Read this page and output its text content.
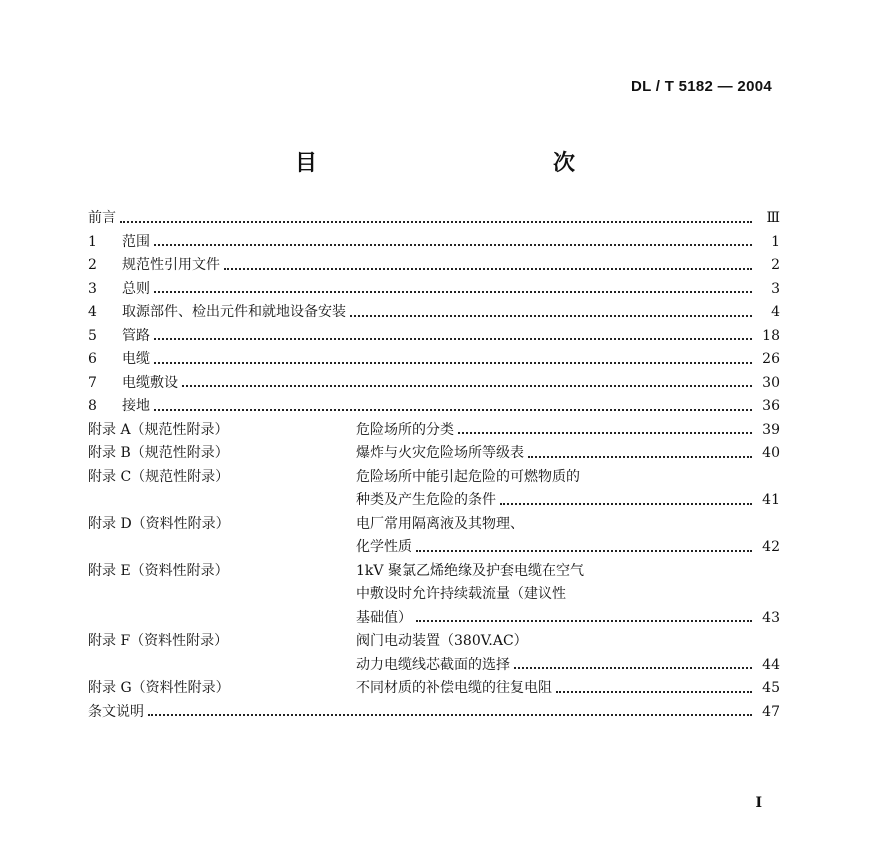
DL / T 5182 — 2004
目　　次
前言	Ⅲ
1	范围	1
2	规范性引用文件	2
3	总则	3
4	取源部件、检出元件和就地设备安装	4
5	管路	18
6	电缆	26
7	电缆敷设	30
8	接地	36
附录 A（规范性附录）	危险场所的分类	39
附录 B（规范性附录）	爆炸与火灾危险场所等级表	40
附录 C（规范性附录）	危险场所中能引起危险的可燃物质的
种类及产生危险的条件	41
附录 D（资料性附录）	电厂常用隔离液及其物理、
化学性质	42
附录 E（资料性附录）	1kV 聚氯乙烯绝缘及护套电缆在空气
中敷设时允许持续载流量（建议性
基础值）	43
附录 F（资料性附录）	阀门电动装置（380V.AC）
动力电缆线芯截面的选择	44
附录 G（资料性附录）	不同材质的补偿电缆的往复电阻	45
条文说明	47
I
